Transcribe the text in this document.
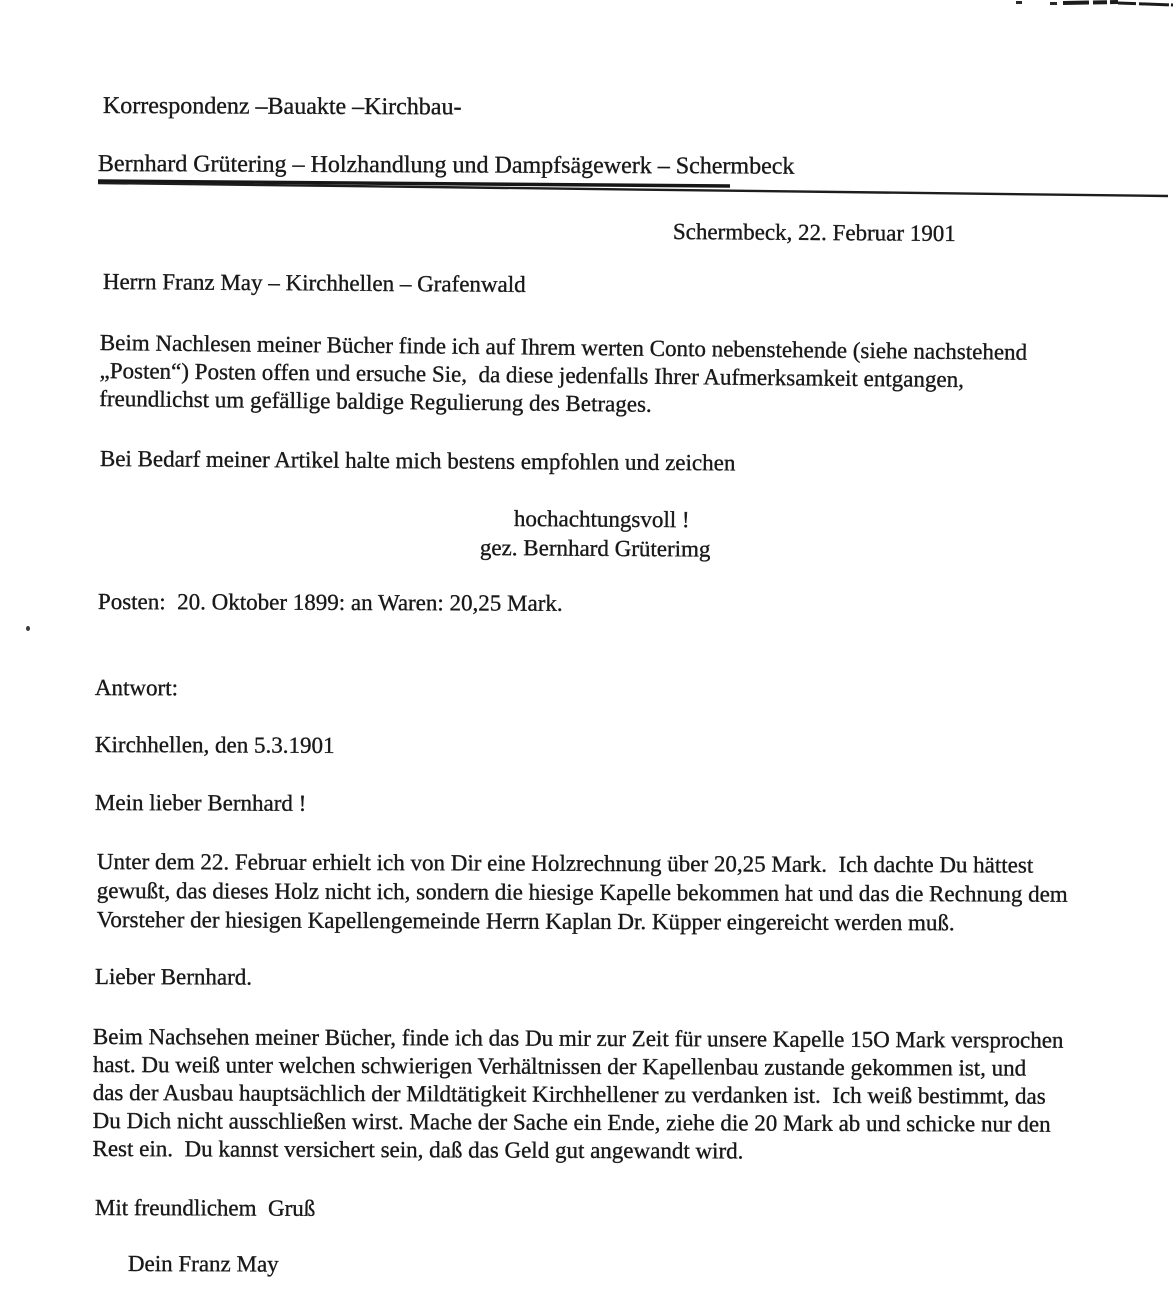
Korrespondenz –Bauakte –Kirchbau-
Bernhard Grütering – Holzhandlung und Dampfsägewerk – Schermbeck
Schermbeck, 22. Februar 1901
Herrn Franz May – Kirchhellen – Grafenwald
Beim Nachlesen meiner Bücher finde ich auf Ihrem werten Conto nebenstehende (siehe nachstehend
„Posten“) Posten offen und ersuche Sie,  da diese jedenfalls Ihrer Aufmerksamkeit entgangen,
freundlichst um gefällige baldige Regulierung des Betrages.
Bei Bedarf meiner Artikel halte mich bestens empfohlen und zeichen
hochachtungsvoll !
gez. Bernhard Grüterimg
Posten:  20. Oktober 1899: an Waren: 20,25 Mark.
Antwort:
Kirchhellen, den 5.3.1901
Mein lieber Bernhard !
Unter dem 22. Februar erhielt ich von Dir eine Holzrechnung über 20,25 Mark.  Ich dachte Du hättest
gewußt, das dieses Holz nicht ich, sondern die hiesige Kapelle bekommen hat und das die Rechnung dem
Vorsteher der hiesigen Kapellengemeinde Herrn Kaplan Dr. Küpper eingereicht werden muß.
Lieber Bernhard.
Beim Nachsehen meiner Bücher, finde ich das Du mir zur Zeit für unsere Kapelle 15O Mark versprochen
hast. Du weiß unter welchen schwierigen Verhältnissen der Kapellenbau zustande gekommen ist, und
das der Ausbau hauptsächlich der Mildtätigkeit Kirchhellener zu verdanken ist.  Ich weiß bestimmt, das
Du Dich nicht ausschließen wirst. Mache der Sache ein Ende, ziehe die 20 Mark ab und schicke nur den
Rest ein.  Du kannst versichert sein, daß das Geld gut angewandt wird.
Mit freundlichem  Gruß
Dein Franz May
